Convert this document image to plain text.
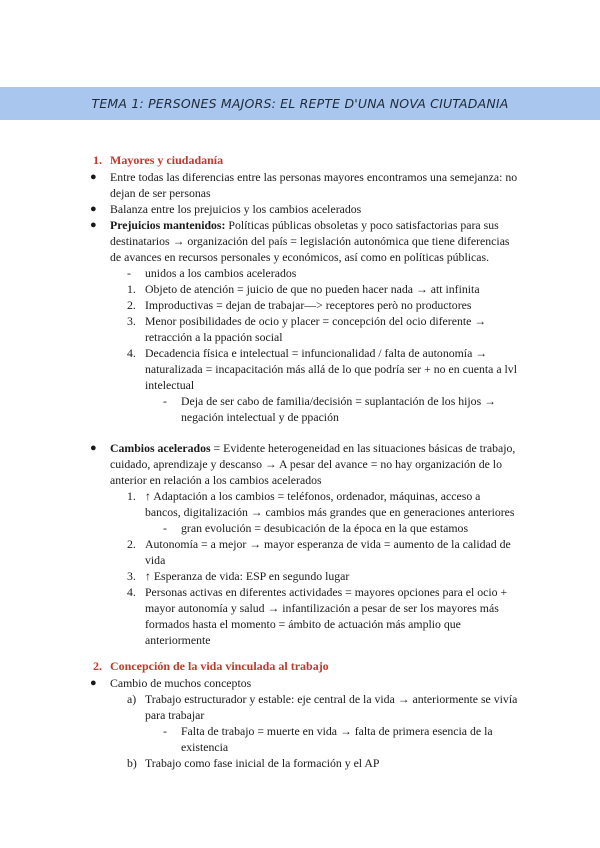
TEMA 1: PERSONES MAJORS: EL REPTE D'UNA NOVA CIUTADANIA
1. Mayores y ciudadanía
● Entre todas las diferencias entre las personas mayores encontramos una semejanza: no
dejan de ser personas
● Balanza entre los prejuicios y los cambios acelerados
● Prejuicios mantenidos: Políticas públicas obsoletas y poco satisfactorias para sus
destinatarios → organización del país = legislación autonómica que tiene diferencias
de avances en recursos personales y económicos, así como en políticas públicas.
- unidos a los cambios acelerados
1. Objeto de atención = juicio de que no pueden hacer nada → att infinita
2. Improductivas = dejan de trabajar—> receptores però no productores
3. Menor posibilidades de ocio y placer = concepción del ocio diferente →
retracción a la ppación social
4. Decadencia física e intelectual = infuncionalidad / falta de autonomía →
naturalizada = incapacitación más allá de lo que podría ser + no en cuenta a lvl
intelectual
- Deja de ser cabo de familia/decisión = suplantación de los hijos →
negación intelectual y de ppación
● Cambios acelerados = Evidente heterogeneidad en las situaciones básicas de trabajo,
cuidado, aprendizaje y descanso → A pesar del avance = no hay organización de lo
anterior en relación a los cambios acelerados
1. ↑ Adaptación a los cambios = teléfonos, ordenador, máquinas, acceso a
bancos, digitalización → cambios más grandes que en generaciones anteriores
- gran evolución = desubicación de la época en la que estamos
2. Autonomía = a mejor → mayor esperanza de vida = aumento de la calidad de
vida
3. ↑ Esperanza de vida: ESP en segundo lugar
4. Personas activas en diferentes actividades = mayores opciones para el ocio +
mayor autonomía y salud → infantilización a pesar de ser los mayores más
formados hasta el momento = ámbito de actuación más amplio que
anteriormente
2. Concepción de la vida vinculada al trabajo
● Cambio de muchos conceptos
a) Trabajo estructurador y estable: eje central de la vida → anteriormente se vivía
para trabajar
- Falta de trabajo = muerte en vida → falta de primera esencia de la
existencia
b) Trabajo como fase inicial de la formación y el AP
